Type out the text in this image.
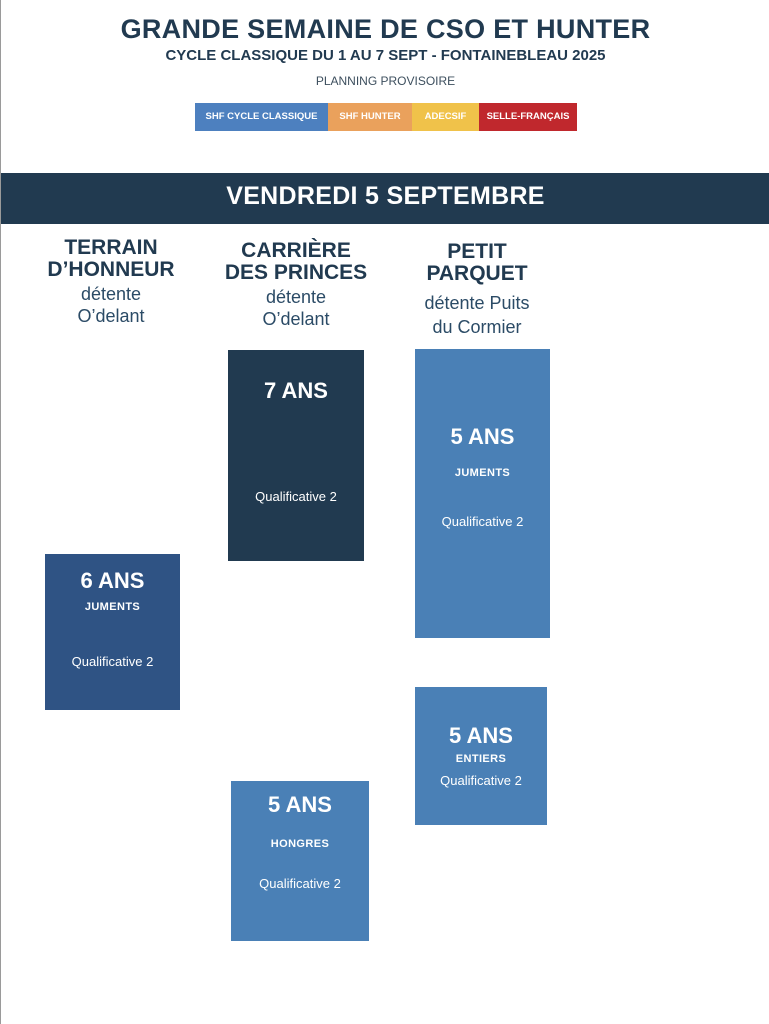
GRANDE SEMAINE DE CSO ET HUNTER
CYCLE CLASSIQUE DU 1 AU 7 SEPT - FONTAINEBLEAU 2025
PLANNING PROVISOIRE
SHF CYCLE CLASSIQUE	SHF HUNTER	ADECSIF	SELLE-FRANÇAIS
VENDREDI 5 SEPTEMBRE
TERRAIN
D’HONNEUR
détente
O’delant
CARRIÈRE
DES PRINCES
détente
O’delant
PETIT
PARQUET
détente Puits
du Cormier
6 ANS
JUMENTS
Qualificative 2
7 ANS
Qualificative 2
5 ANS
HONGRES
Qualificative 2
5 ANS
JUMENTS
Qualificative 2
5 ANS
ENTIERS
Qualificative 2
